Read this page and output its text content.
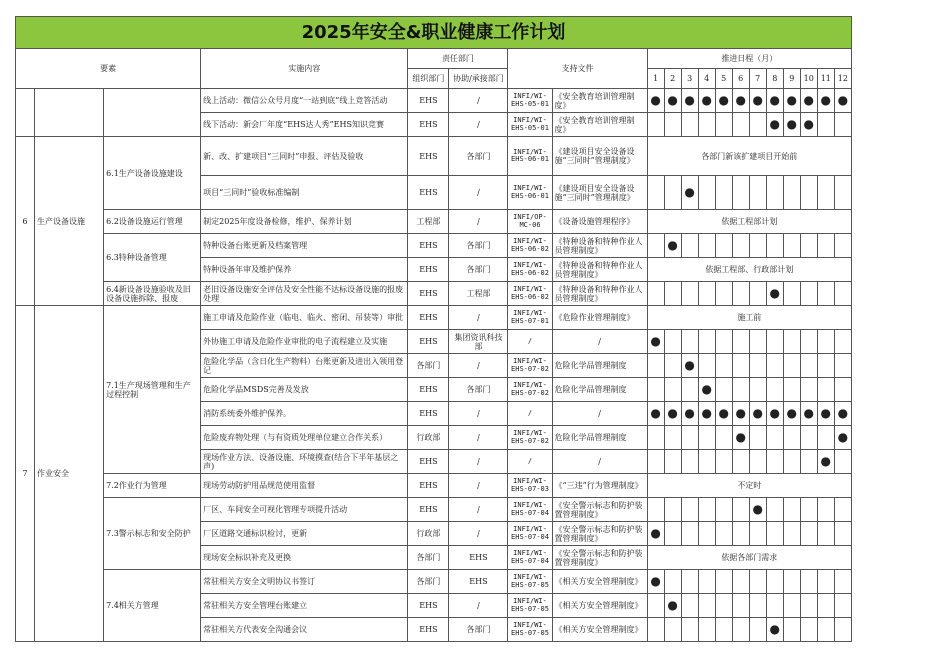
2025年安全&职业健康工作计划																			
要素			实施内容	责任部门		支持文件		推进日程（月）											
				组织部门	协助/承接部门			1	2	3	4	5	6	7	8	9	10	11	12
			线上活动：微信公众号月度“一站到底”线上竞答活动	EHS	/	INFI/WI-EHS-05-01	《安全教育培训管理制度》	●	●	●	●	●	●	●	●	●	●	●	●
			线下活动：新会厂年度“EHS达人秀”EHS知识竞赛	EHS	/	INFI/WI-EHS-05-01	《安全教育培训管理制度》								●	●	●		
6	生产设备设施	6.1生产设备设施建设	新、改、扩建项目“三同时”申报、评估及验收	EHS	各部门	INFI/WI-EHS-06-01	《建设项目安全设备设施“三同时”管理制度》	各部门新该扩建项目开始前											
			项目“三同时”验收标准编制	EHS	/	INFI/WI-EHS-06-01	《建设项目安全设备设施“三同时”管理制度》			●									
		6.2设备设施运行管理	制定2025年度设备检修，维护、保养计划	工程部	/	INFI/OP-MC-06	《设备设施管理程序》	依据工程部计划											
		6.3特种设备管理	特种设备台账更新及档案管理	EHS	各部门	INFI/WI-EHS-06-02	《特种设备和特种作业人员管理制度》		●										
			特种设备年审及维护保养	EHS	各部门	INFI/WI-EHS-06-02	《特种设备和特种作业人员管理制度》	依据工程部、行政部计划											
		6.4新设备设施验收及旧设备设施拆除、报废	老旧设备设施安全评估及安全性能不达标设备设施的报废处理	EHS	工程部	INFI/WI-EHS-06-02	《特种设备和特种作业人员管理制度》								●				
7	作业安全	7.1生产现场管理和生产过程控制	施工申请及危险作业（临电、临火、密闭、吊装等）审批	EHS	/	INFI/WI-EHS-07-01	《危险作业管理制度》	施工前											
			外协施工申请及危险作业审批的电子流程建立及实施	EHS	集团资讯科技部	/	/	●											
			危险化学品（含日化生产物料）台账更新及进出入领用登记	各部门	/	INFI/WI-EHS-07-02	危险化学品管理制度			●									
			危险化学品MSDS完善及发放	EHS	各部门	INFI/WI-EHS-07-02	危险化学品管理制度				●								
			消防系统委外维护保养。	EHS	/	/	/	●	●	●	●	●	●	●	●	●	●	●	●
			危险废弃物处理（与有资质处理单位建立合作关系）	行政部	/	INFI/WI-EHS-07-02	危险化学品管理制度						●						●
			现场作业方法、设备设施、环境摸查(结合下半年基层之声)	EHS	/	/	/											●	
		7.2作业行为管理	现场劳动防护用品规范使用监督	EHS	/	INFI/WI-EHS-07-03	《“三违”行为管理制度》	不定时											
		7.3警示标志和安全防护	厂区、车间安全可视化管理专项提升活动	EHS	/	INFI/WI-EHS-07-04	《安全警示标志和防护装置管理制度》							●					
			厂区道路交通标识检讨，更新	行政部	/	INFI/WI-EHS-07-04	《安全警示标志和防护装置管理制度》	●											
			现场安全标识补充及更换	各部门	EHS	INFI/WI-EHS-07-04	《安全警示标志和防护装置管理制度》	依据各部门需求											
		7.4相关方管理	常驻相关方安全文明协议书签订	各部门	EHS	INFI/WI-EHS-07-05	《相关方安全管理制度》	●											
			常驻相关方安全管理台账建立	EHS	/	INFI/WI-EHS-07-05	《相关方安全管理制度》		●										
			常驻相关方代表安全沟通会议	EHS	各部门	INFI/WI-EHS-07-05	《相关方安全管理制度》								●				
